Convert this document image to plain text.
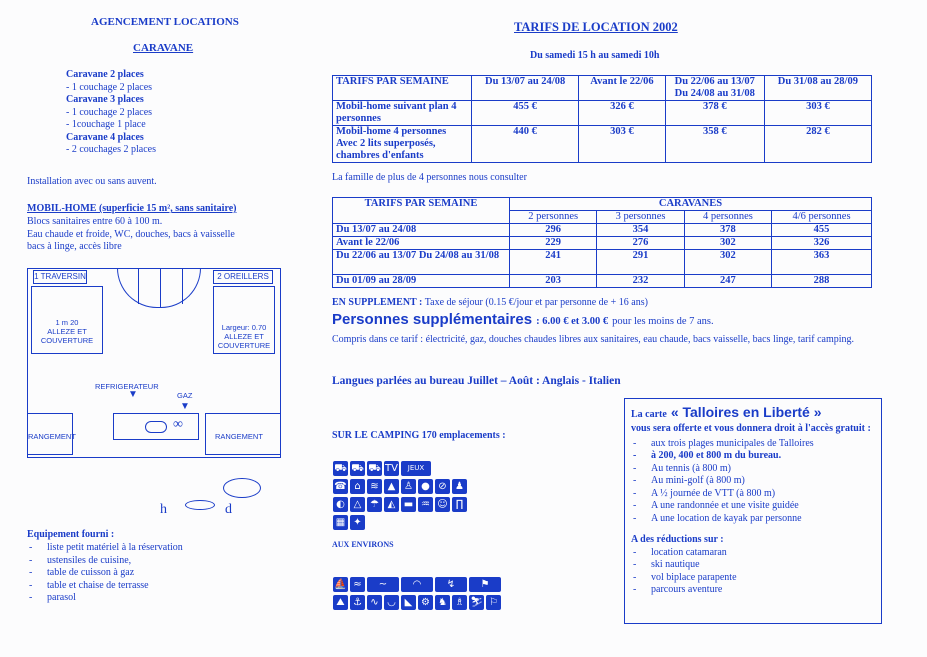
AGENCEMENT LOCATIONS
CARAVANE
Caravane 2 places
- 1 couchage 2 places
Caravane 3 places
- 1 couchage 2 places
- 1couchage 1 place
Caravane 4 places
- 2 couchages 2 places
Installation avec ou sans auvent.
MOBIL-HOME (superficie 15 m², sans sanitaire)
Blocs sanitaires entre 60 à 100 m.
Eau chaude et froide, WC, douches, bacs à vaisselle
bacs à linge, accès libre
1 TRAVERSIN	2 OREILLERS
1 m 20
ALLEZE ET
COUVERTURE
Largeur: 0.70
ALLEZE ET
COUVERTURE
REFRIGERATEUR
GAZ
▼
▼
∞
RANGEMENT	RANGEMENT
h	d
Equipement fourni :
- liste petit matériel à la réservation
- ustensiles de cuisine,
- table de cuisson à gaz
- table et chaise de terrasse
- parasol
TARIFS DE LOCATION 2002
Du samedi 15 h au samedi 10h
TARIFS PAR SEMAINE	Du 13/07 au 24/08	Avant le 22/06	Du 22/06 au 13/07 Du 24/08 au 31/08	Du 31/08 au 28/09
Mobil-home suivant plan 4 personnes	455 €	326 €	378 €	303 €
Mobil-home 4 personnes Avec 2 lits superposés, chambres d'enfants	440 €	303 €	358 €	282 €
La famille de plus de 4 personnes nous consulter
TARIFS PAR SEMAINE	CARAVANES			
	2 personnes	3 personnes	4 personnes	4/6 personnes
Du 13/07 au 24/08	296	354	378	455
Avant le 22/06	229	276	302	326
Du 22/06 au 13/07 Du 24/08 au 31/08	241	291	302	363
Du 01/09 au 28/09	203	232	247	288
EN SUPPLEMENT : Taxe de séjour (0.15 €/jour et par personne de + 16 ans)
Personnes supplémentaires : 6.00 € et 3.00 € pour les moins de 7 ans.
Compris dans ce tarif : électricité, gaz, douches chaudes libres aux sanitaires, eau chaude, bacs vaisselle, bacs linge, tarif camping.
Langues parlées au bureau Juillet – Août : Anglais - Italien
SUR LE CAMPING 170 emplacements :
⛟ ⛟ ⛟ TV JEUX
☎ ⌂ ≋ ▲ ♙ ● ⊘ ♟
◐ △ ☂ ◭ ▬ ♒ ☺ ∏▦ ✦
AUX ENVIRONS
⛵ ≈ ~	◠	↯	⚑
⛰ ⚓ ∿ ◡ ◣ ⚙ ♞ ♗ ⛷ ⚐
La carte « Talloires en Liberté »
vous sera offerte et vous donnera droit à l'accès gratuit :
- aux trois plages municipales de Talloires
- à 200, 400 et 800 m du bureau.
- Au tennis (à 800 m)
- Au mini-golf (à 800 m)
- A ½ journée de VTT (à 800 m)
- A une randonnée et une visite guidée
- A une location de kayak par personne
A des réductions sur :
- location catamaran
- ski nautique
- vol biplace parapente
- parcours aventure
